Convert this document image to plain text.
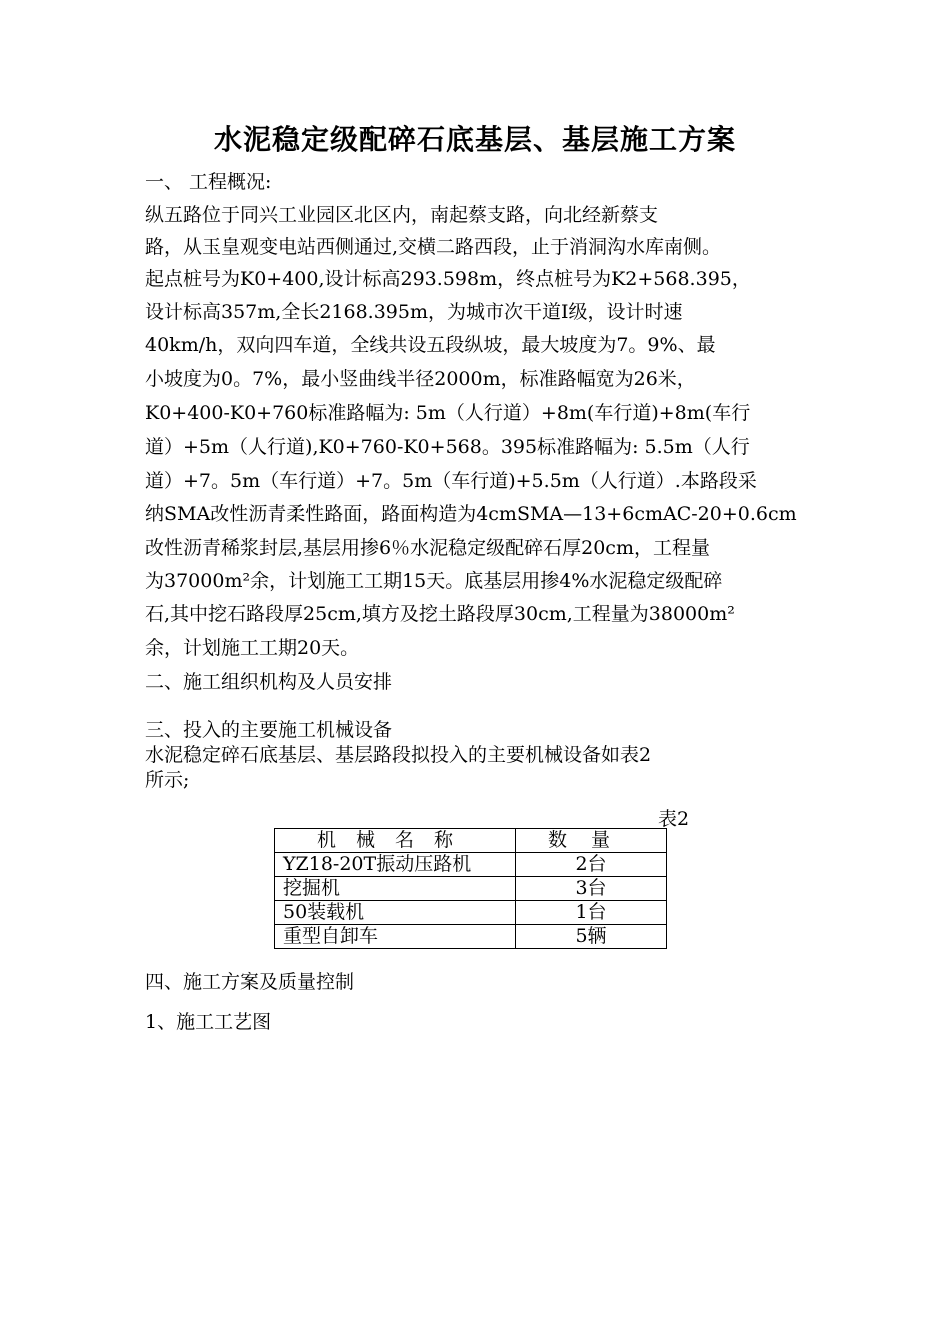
水泥稳定级配碎石底基层、基层施工方案
一、 工程概况:
纵五路位于同兴工业园区北区内，南起蔡支路，向北经新蔡支
路，从玉皇观变电站西侧通过,交横二路西段，止于消洞沟水库南侧。
起点桩号为K0+400,设计标高293.598m，终点桩号为K2+568.395，
设计标高357m,全长2168.395m，为城市次干道Ⅰ级，设计时速
40km/h，双向四车道，全线共设五段纵坡，最大坡度为7。9%、最
小坡度为0。7%，最小竖曲线半径2000m，标准路幅宽为26米，
K0+400-K0+760标准路幅为: 5m（人行道）+8m(车行道)+8m(车行
道）+5m（人行道),K0+760-K0+568。395标准路幅为: 5.5m（人行
道）+7。5m（车行道）+7。5m（车行道)+5.5m（人行道）.本路段采
纳SMA改性沥青柔性路面，路面构造为4cmSMA—13+6cmAC-20+0.6cm
改性沥青稀浆封层,基层用掺6％水泥稳定级配碎石厚20cm，工程量
为37000m²余，计划施工工期15天。底基层用掺4%水泥稳定级配碎
石,其中挖石路段厚25cm,填方及挖土路段厚30cm,工程量为38000m²
余，计划施工工期20天。
二、施工组织机构及人员安排
三、投入的主要施工机械设备
水泥稳定碎石底基层、基层路段拟投入的主要机械设备如表2
所示;
表2
机械名称	数量
YZ18-20T振动压路机	2台
挖掘机	3台
50装载机	1台
重型自卸车	5辆
四、施工方案及质量控制
1、施工工艺图
